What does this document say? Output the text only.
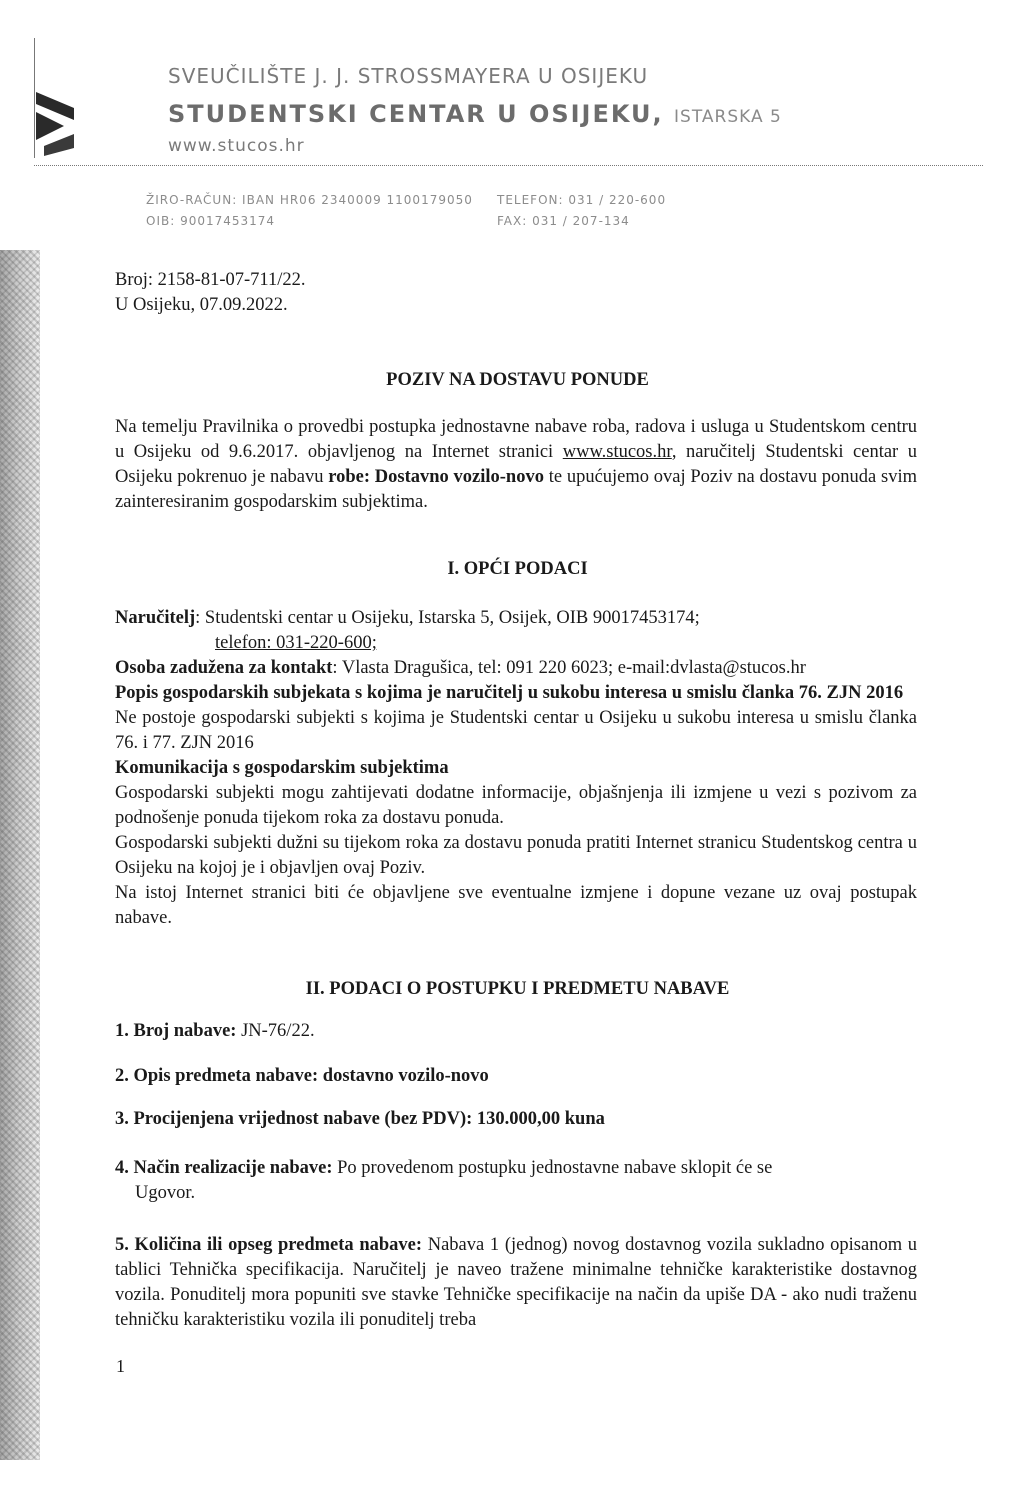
SVEUČILIŠTE J. J. STROSSMAYERA U OSIJEKU
STUDENTSKI CENTAR U OSIJEKU, ISTARSKA 5
www.stucos.hr
ŽIRO-RAČUN: IBAN HR06 2340009 1100179050
OIB: 90017453174
TELEFON: 031 / 220-600
FAX: 031 / 207-134
Broj: 2158-81-07-711/22.
U Osijeku, 07.09.2022.
POZIV NA DOSTAVU PONUDE
Na temelju Pravilnika o provedbi postupka jednostavne nabave roba, radova i usluga u Studentskom centru u Osijeku od 9.6.2017. objavljenog na Internet stranici www.stucos.hr, naručitelj Studentski centar u Osijeku pokrenuo je nabavu robe: Dostavno vozilo-novo te upućujemo ovaj Poziv na dostavu ponuda svim zainteresiranim gospodarskim subjektima.
I. OPĆI PODACI

Naručitelj: Studentski centar u Osijeku, Istarska 5, Osijek, OIB 90017453174;

telefon: 031-220-600;

Osoba zadužena za kontakt: Vlasta Dragušica, tel: 091 220 6023; e-mail:dvlasta@stucos.hr

Popis gospodarskih subjekata s kojima je naručitelj u sukobu interesa u smislu članka 76. ZJN 2016

Ne postoje gospodarski subjekti s kojima je Studentski centar u Osijeku u sukobu interesa u smislu članka 76. i 77. ZJN 2016

Komunikacija s gospodarskim subjektima

Gospodarski subjekti mogu zahtijevati dodatne informacije, objašnjenja ili izmjene u vezi s pozivom za podnošenje ponuda tijekom roka za dostavu ponuda.

Gospodarski subjekti dužni su tijekom roka za dostavu ponuda pratiti Internet stranicu Studentskog centra u Osijeku na kojoj je i objavljen ovaj Poziv.

Na istoj Internet stranici biti će objavljene sve eventualne izmjene i dopune vezane uz ovaj postupak nabave.

II. PODACI O POSTUPKU I PREDMETU NABAVE
1. Broj nabave: JN-76/22.
2. Opis predmeta nabave: dostavno vozilo-novo
3. Procijenjena vrijednost nabave (bez PDV): 130.000,00 kuna

4. Način realizacije nabave: Po provedenom postupku jednostavne nabave sklopit će se

Ugovor.

5. Količina ili opseg predmeta nabave: Nabava 1 (jednog) novog dostavnog vozila sukladno opisanom u tablici Tehnička specifikacija. Naručitelj je naveo tražene minimalne tehničke karakteristike dostavnog vozila. Ponuditelj mora popuniti sve stavke Tehničke specifikacije na način da upiše DA - ako nudi traženu tehničku karakteristiku vozila ili ponuditelj treba
1
